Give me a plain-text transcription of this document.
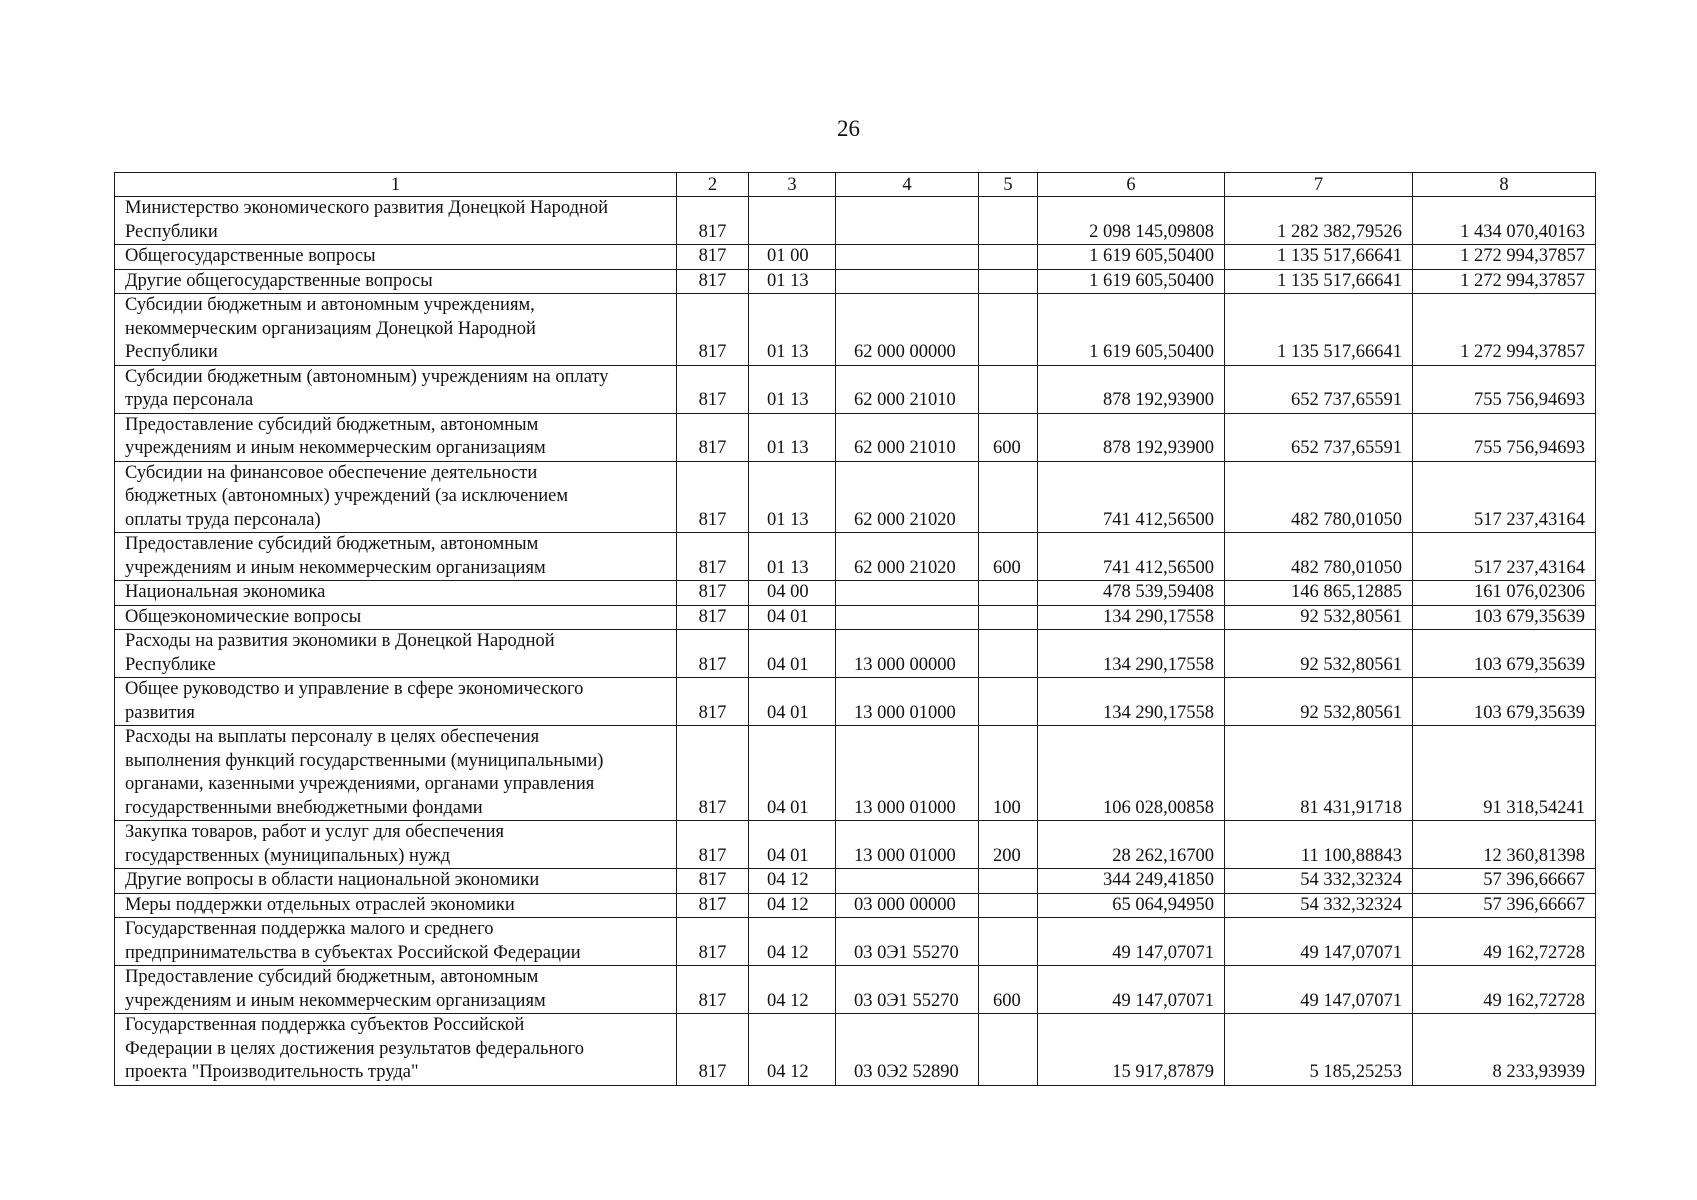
26
1	2	3	4	5	6	7	8

Министерство экономического развития Донецкой Народной
Республики	817				2 098 145,09808	1 282 382,79526	1 434 070,40163

Общегосударственные вопросы	817	01 00			1 619 605,50400	1 135 517,66641	1 272 994,37857

Другие общегосударственные вопросы	817	01 13			1 619 605,50400	1 135 517,66641	1 272 994,37857

Субсидии бюджетным и автономным учреждениям,
некоммерческим организациям Донецкой Народной
Республики	817	01 13	62 000 00000		1 619 605,50400	1 135 517,66641	1 272 994,37857

Субсидии бюджетным (автономным) учреждениям на оплату
труда персонала	817	01 13	62 000 21010		878 192,93900	652 737,65591	755 756,94693

Предоставление субсидий бюджетным, автономным
учреждениям и иным некоммерческим организациям	817	01 13	62 000 21010	600	878 192,93900	652 737,65591	755 756,94693

Субсидии на финансовое обеспечение деятельности
бюджетных (автономных) учреждений (за исключением
оплаты труда персонала)	817	01 13	62 000 21020		741 412,56500	482 780,01050	517 237,43164

Предоставление субсидий бюджетным, автономным
учреждениям и иным некоммерческим организациям	817	01 13	62 000 21020	600	741 412,56500	482 780,01050	517 237,43164

Национальная экономика	817	04 00			478 539,59408	146 865,12885	161 076,02306

Общеэкономические вопросы	817	04 01			134 290,17558	92 532,80561	103 679,35639

Расходы на развития экономики в Донецкой Народной
Республике	817	04 01	13 000 00000		134 290,17558	92 532,80561	103 679,35639

Общее руководство и управление в сфере экономического
развития	817	04 01	13 000 01000		134 290,17558	92 532,80561	103 679,35639

Расходы на выплаты персоналу в целях обеспечения
выполнения функций государственными (муниципальными)
органами, казенными учреждениями, органами управления
государственными внебюджетными фондами	817	04 01	13 000 01000	100	106 028,00858	81 431,91718	91 318,54241

Закупка товаров, работ и услуг для обеспечения
государственных (муниципальных) нужд	817	04 01	13 000 01000	200	28 262,16700	11 100,88843	12 360,81398

Другие вопросы в области национальной экономики	817	04 12			344 249,41850	54 332,32324	57 396,66667

Меры поддержки отдельных отраслей экономики	817	04 12	03 000 00000		65 064,94950	54 332,32324	57 396,66667

Государственная поддержка малого и среднего
предпринимательства в субъектах Российской Федерации	817	04 12	03 0Э1 55270		49 147,07071	49 147,07071	49 162,72728

Предоставление субсидий бюджетным, автономным
учреждениям и иным некоммерческим организациям	817	04 12	03 0Э1 55270	600	49 147,07071	49 147,07071	49 162,72728

Государственная поддержка субъектов Российской
Федерации в целях достижения результатов федерального
проекта "Производительность труда"	817	04 12	03 0Э2 52890		15 917,87879	5 185,25253	8 233,93939
